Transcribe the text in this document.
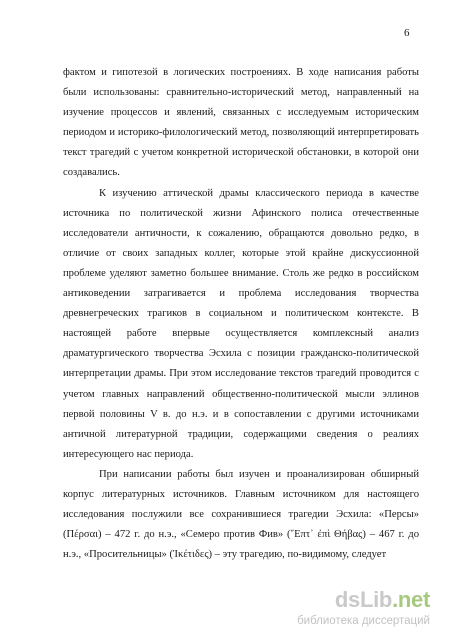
6

фактом и гипотезой в логических построениях. В ходе написания работы были использованы: сравнительно-исторический метод, направленный на изучение процессов и явлений, связанных с исследуемым историческим периодом и историко-филологический метод, позволяющий интерпретировать текст трагедий с учетом конкретной исторической обстановки, в которой они создавались.

К изучению аттической драмы классического периода в качестве источника по политической жизни Афинского полиса отечественные исследователи античности, к сожалению, обращаются довольно редко, в отличие от своих западных коллег, которые этой крайне дискуссионной проблеме уделяют заметно большее внимание. Столь же редко в российском антиковедении затрагивается и проблема исследования творчества древнегреческих трагиков в социальном и политическом контексте. В настоящей работе впервые осуществляется комплексный анализ драматургического творчества Эсхила с позиции гражданско-политической интерпретации драмы. При этом исследование текстов трагедий проводится с учетом главных направлений общественно-политической мысли эллинов первой половины V в. до н.э. и в сопоставлении с другими источниками античной литературной традиции, содержащими сведения о реалиях интересующего нас периода.

При написании работы был изучен и проанализирован обширный корпус литературных источников. Главным источником для настоящего исследования послужили все сохранившиеся трагедии Эсхила: «Персы» (Πέρσαι) – 472 г. до н.э., «Семеро против Фив» (῞Επτ᾽ ἐπὶ Θήβας) – 467 г. до н.э., «Просительницы» (Ἱκέτιδες) – эту трагедию, по-видимому, следует

dsLib.net
библиотека диссертаций
